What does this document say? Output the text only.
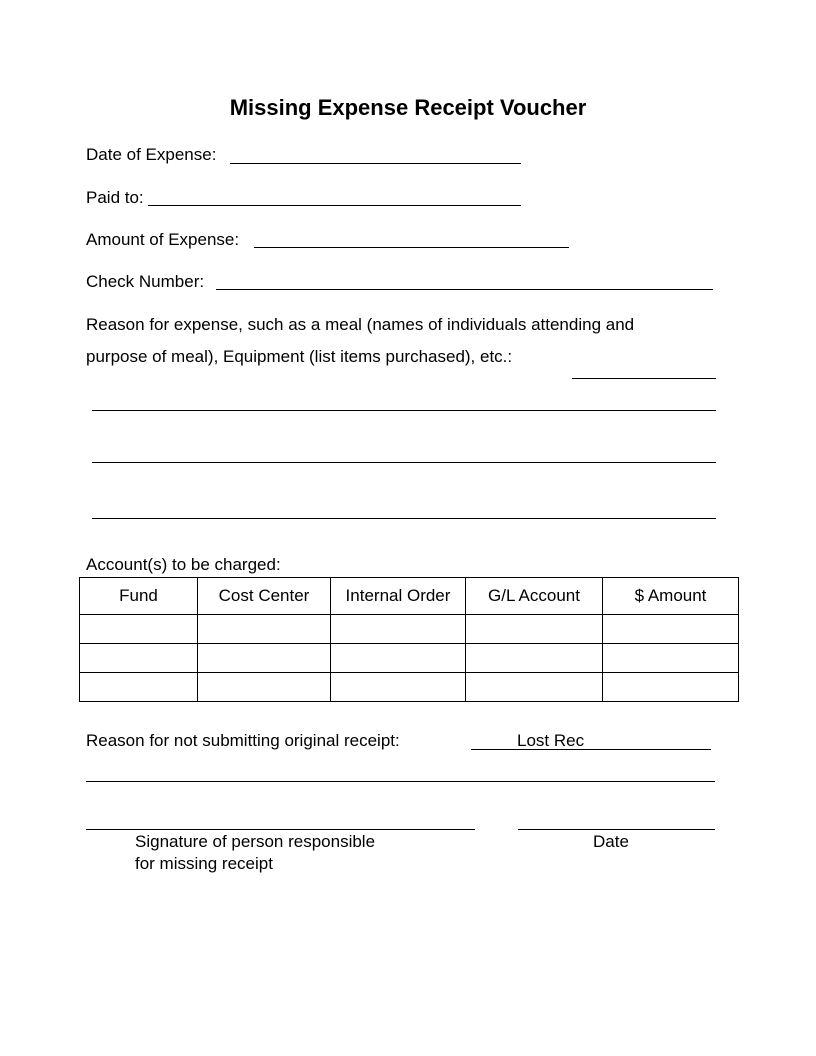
Missing Expense Receipt Voucher
Date of Expense:
Paid to:
Amount of Expense:
Check Number:
Reason for expense, such as a meal (names of individuals attending and
purpose of meal), Equipment (list items purchased), etc.:
Account(s) to be charged:
Fund	Cost Center	Internal Order	G/L Account	$ Amount

Reason for not submitting original receipt:	Lost Rec
Signature of person responsible
for missing receipt
Date
